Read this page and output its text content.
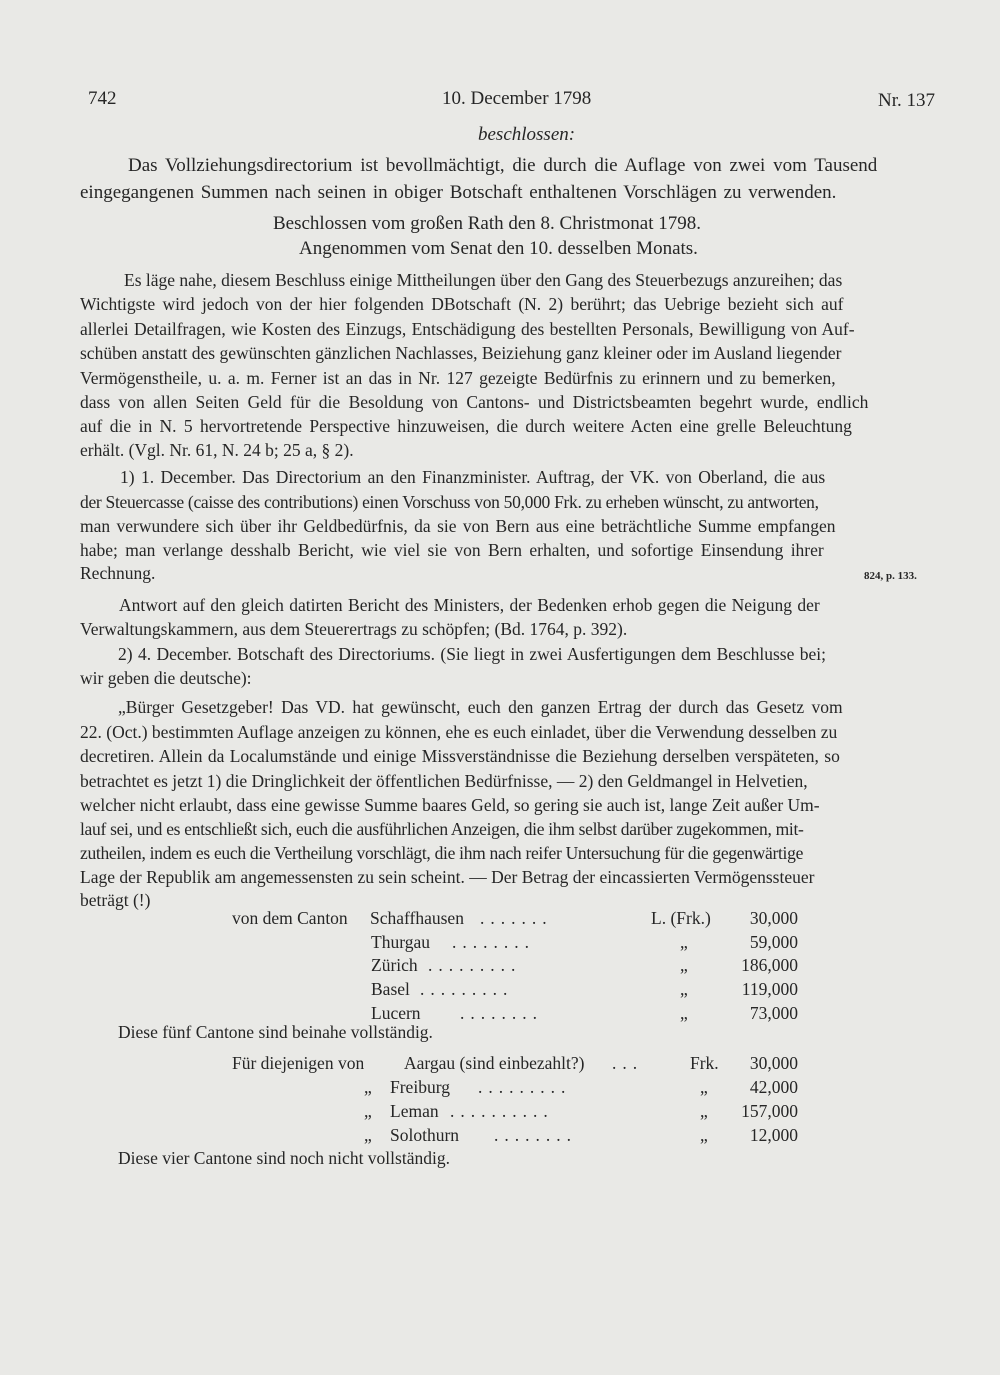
742	10. December 1798	Nr. 137
beschlossen:
Das Vollziehungsdirectorium ist bevollmächtigt, die durch die Auflage von zwei vom Tausend
eingegangenen Summen nach seinen in obiger Botschaft enthaltenen Vorschlägen zu verwenden.
Beschlossen vom großen Rath den 8. Christmonat 1798.
Angenommen vom Senat den 10. desselben Monats.
Es läge nahe, diesem Beschluss einige Mittheilungen über den Gang des Steuerbezugs anzureihen; das
Wichtigste wird jedoch von der hier folgenden DBotschaft (N. 2) berührt; das Uebrige bezieht sich auf
allerlei Detailfragen, wie Kosten des Einzugs, Entschädigung des bestellten Personals, Bewilligung von Auf-
schüben anstatt des gewünschten gänzlichen Nachlasses, Beiziehung ganz kleiner oder im Ausland liegender
Vermögenstheile, u. a. m. Ferner ist an das in Nr. 127 gezeigte Bedürfnis zu erinnern und zu bemerken,
dass von allen Seiten Geld für die Besoldung von Cantons- und Districtsbeamten begehrt wurde, endlich
auf die in N. 5 hervortretende Perspective hinzuweisen, die durch weitere Acten eine grelle Beleuchtung
erhält. (Vgl. Nr. 61, N. 24 b; 25 a, § 2).
1) 1. December. Das Directorium an den Finanzminister. Auftrag, der VK. von Oberland, die aus
der Steuercasse (caisse des contributions) einen Vorschuss von 50,000 Frk. zu erheben wünscht, zu antworten,
man verwundere sich über ihr Geldbedürfnis, da sie von Bern aus eine beträchtliche Summe empfangen
habe; man verlange desshalb Bericht, wie viel sie von Bern erhalten, und sofortige Einsendung ihrer
Rechnung.	824, p. 133.
Antwort auf den gleich datirten Bericht des Ministers, der Bedenken erhob gegen die Neigung der
Verwaltungskammern, aus dem Steuerertrags zu schöpfen; (Bd. 1764, p. 392).
2) 4. December. Botschaft des Directoriums. (Sie liegt in zwei Ausfertigungen dem Beschlusse bei;
wir geben die deutsche):
„Bürger Gesetzgeber! Das VD. hat gewünscht, euch den ganzen Ertrag der durch das Gesetz vom
22. (Oct.) bestimmten Auflage anzeigen zu können, ehe es euch einladet, über die Verwendung desselben zu
decretiren. Allein da Localumstände und einige Missverständnisse die Beziehung derselben verspäteten, so
betrachtet es jetzt 1) die Dringlichkeit der öffentlichen Bedürfnisse, — 2) den Geldmangel in Helvetien,
welcher nicht erlaubt, dass eine gewisse Summe baares Geld, so gering sie auch ist, lange Zeit außer Um-
lauf sei, und es entschließt sich, euch die ausführlichen Anzeigen, die ihm selbst darüber zugekommen, mit-
zutheilen, indem es euch die Vertheilung vorschlägt, die ihm nach reifer Untersuchung für die gegenwärtige
Lage der Republik am angemessensten zu sein scheint. — Der Betrag der eincassierten Vermögenssteuer
beträgt (!)
von dem Canton Schaffhausen .......	L. (Frk.)	30,000
Thurgau ........	„	59,000
Zürich .........	„	186,000
Basel .........	„	119,000
Lucern ........	„	73,000
Diese fünf Cantone sind beinahe vollständig.
Für diejenigen von Aargau (sind einbezahlt?) ...	Frk.	30,000
„ Freiburg .........	„	42,000
„ Leman ..........	„	157,000
„ Solothurn ........	„	12,000
Diese vier Cantone sind noch nicht vollständig.
